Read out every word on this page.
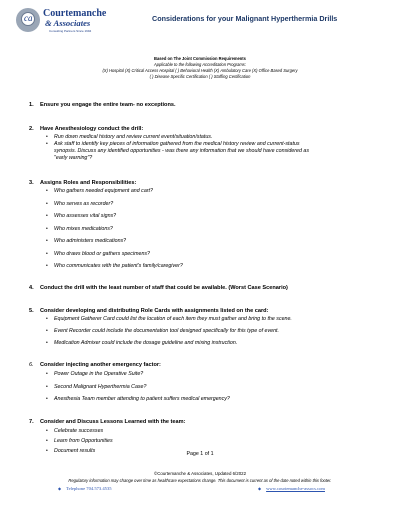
ca Courtemanche
& Associates
Consulting Partners Since 1994
Considerations for your Malignant Hyperthermia Drills
Based on The Joint Commission Requirements
Applicable to the following Accreditation Programs:
(X) Hospital (X) Critical Access Hospital ( ) Behavioral Health (X) Ambulatory Care (X) Office Based Surgery
( ) Disease Specific Certification ( ) Staffing Certification
1. Ensure you engage the entire team- no exceptions.
2. Have Anesthesiology conduct the drill:
• Run down medical history and review current event/situation/status.
• Ask staff to identify key pieces of information gathered from the medical history review and current-status
synopsis. Discuss any identified opportunities - was there any information that we should have considered as
"early warning"?
3. Assigns Roles and Responsibilities:
• Who gathers needed equipment and cart?
• Who serves as recorder?
• Who assesses vital signs?
• Who mixes medications?
• Who administers medications?
• Who draws blood or gathers specimens?
• Who communicates with the patient's family/caregiver?
4. Conduct the drill with the least number of staff that could be available. (Worst Case Scenario)
5. Consider developing and distributing Role Cards with assignments listed on the card:
• Equipment Gatherer Card could list the location of each item they must gather and bring to the scene.
• Event Recorder could include the documentation tool designed specifically for this type of event.
• Medication Admixer could include the dosage guideline and mixing instruction.
6. Consider injecting another emergency factor:
• Power Outage in the Operative Suite?
• Second Malignant Hyperthermia Case?
• Anesthesia Team member attending to patient suffers medical emergency?
7. Consider and Discuss Lessons Learned with the team:
• Celebrate successes
• Learn from Opportunities
• Document results	Page 1 of 1
©Courtemanche & Associates, Updated 6/2022
Regulatory information may change over time as healthcare expectations change. This document is current as of the date noted within this footer.
◆ Telephone 704.573.4535	◆ www.courtemanche-assocs.com
